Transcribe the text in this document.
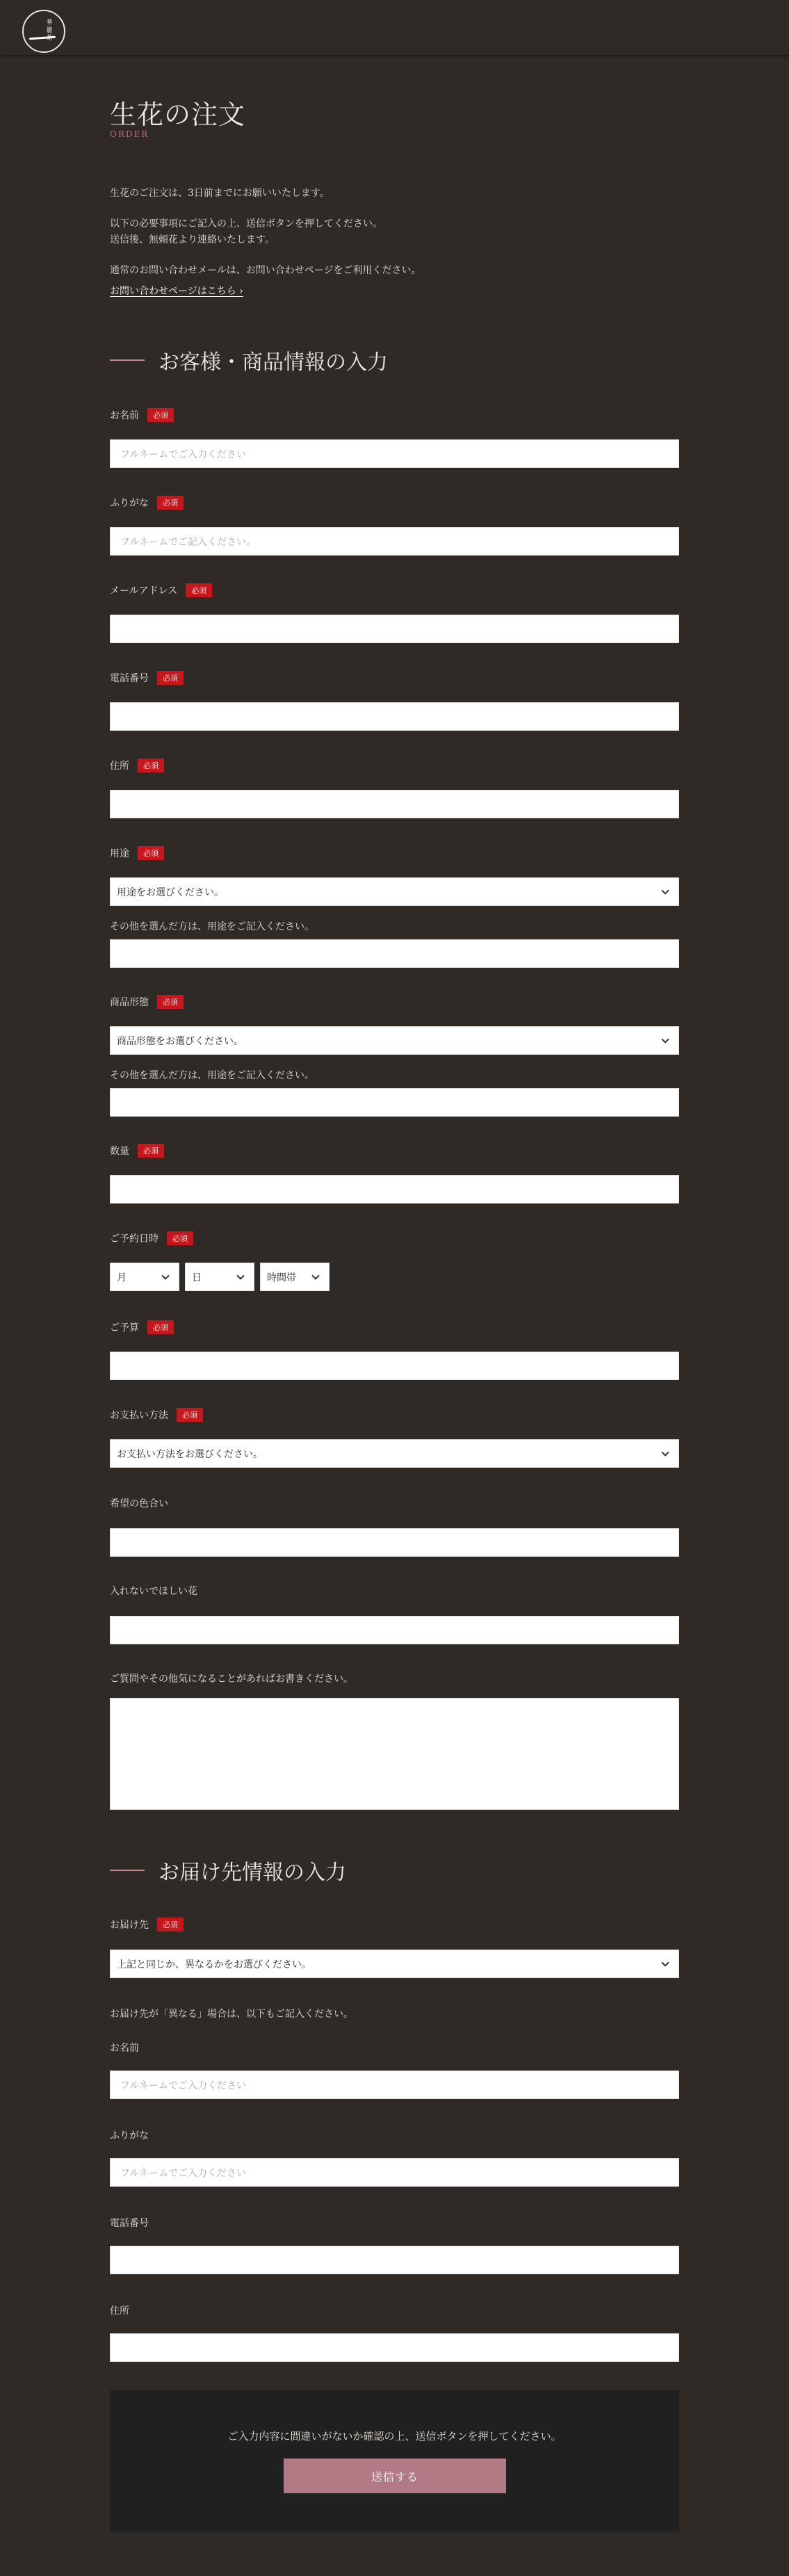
華麗
生花の注文
ORDER

生花のご注文は、3日前までにお願いいたします。

以下の必要事項にご記入の上、送信ボタンを押してください。

送信後、無頼花より連絡いたします。

通常のお問い合わせメールは、お問い合わせページをご利用ください。

お問い合わせページはこちら ›
お客様・商品情報の入力
お名前	必須
フルネームでご入力ください
ふりがな	必須
フルネームでご記入ください。
メールアドレス	必須
電話番号	必須
住所	必須
用途	必須
用途をお選びください。

その他を選んだ方は、用途をご記入ください。

商品形態	必須
商品形態をお選びください。

その他を選んだ方は、用途をご記入ください。

数量	必須
ご予約日時	必須
月	日	時間帯
ご予算	必須
お支払い方法	必須
お支払い方法をお選びください。
希望の色合い
入れないでほしい花
ご質問やその他気になることがあればお書きください。
お届け先情報の入力
お届け先	必須
上記と同じか、異なるかをお選びください。

お届け先が「異なる」場合は、以下もご記入ください。

お名前
フルネームでご入力ください
ふりがな
フルネームでご入力ください
電話番号
住所

ご入力内容に間違いがないか確認の上、送信ボタンを押してください。

送信する
